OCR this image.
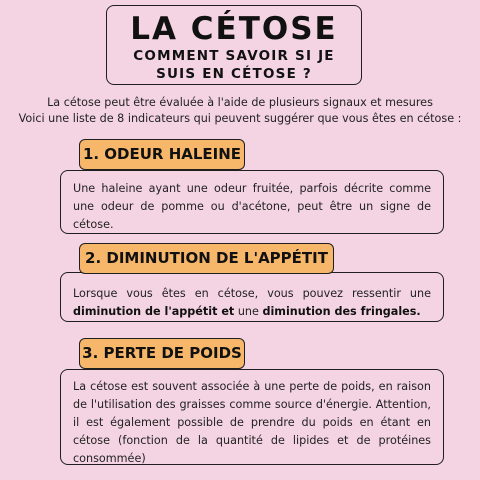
LA CÉTOSE
COMMENT SAVOIR SI JE
SUIS EN CÉTOSE ?
La cétose peut être évaluée à l'aide de plusieurs signaux et mesures
Voici une liste de 8 indicateurs qui peuvent suggérer que vous êtes en cétose :
Une haleine ayant une odeur fruitée, parfois décrite comme une odeur de pomme ou d'acétone, peut être un signe de cétose.
1. ODEUR HALEINE
Lorsque vous êtes en cétose, vous pouvez ressentir une diminution de l'appétit et une diminution des fringales.
2. DIMINUTION DE L'APPÉTIT
La cétose est souvent associée à une perte de poids, en raison de l'utilisation des graisses comme source d'énergie. Attention, il est également possible de prendre du poids en étant en cétose (fonction de la quantité de lipides et de protéines consommée)
3. PERTE DE POIDS
